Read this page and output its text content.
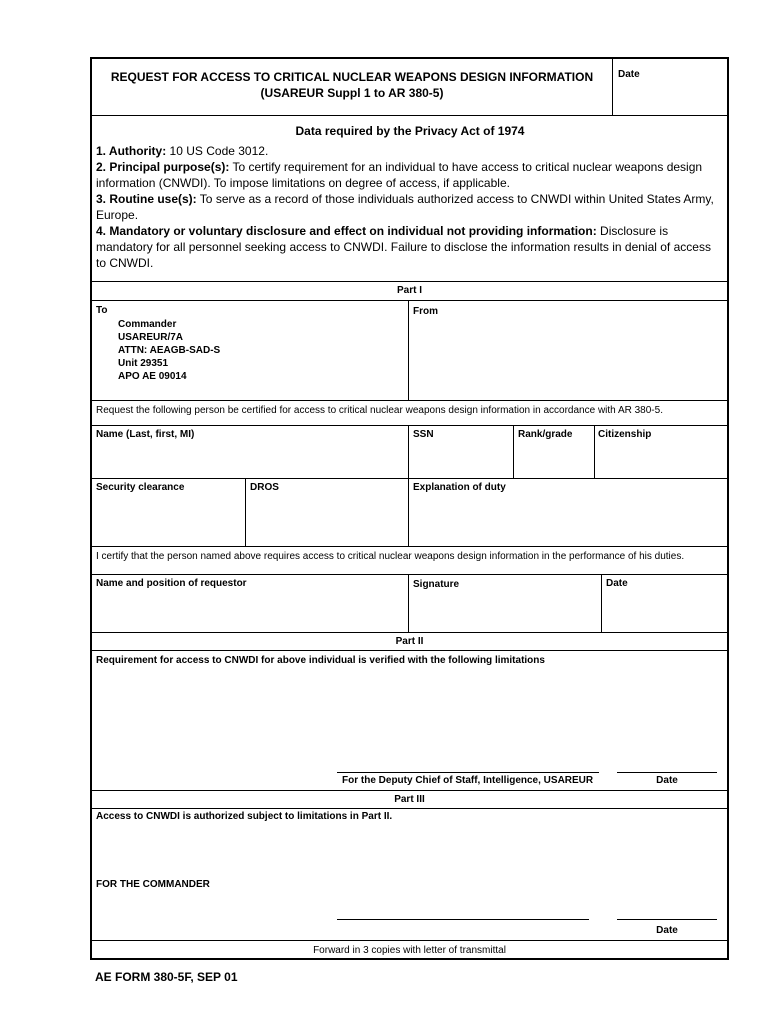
REQUEST FOR ACCESS TO CRITICAL NUCLEAR WEAPONS DESIGN INFORMATION
(USAREUR Suppl 1 to AR 380-5)
Date
Data required by the Privacy Act of 1974
1. Authority: 10 US Code 3012.
2. Principal purpose(s): To certify requirement for an individual to have access to critical nuclear weapons design information (CNWDI). To impose limitations on degree of access, if applicable.
3. Routine use(s): To serve as a record of those individuals authorized access to CNWDI within United States Army, Europe.
4. Mandatory or voluntary disclosure and effect on individual not providing information: Disclosure is mandatory for all personnel seeking access to CNWDI. Failure to disclose the information results in denial of access to CNWDI.
Part I
To
Commander
USAREUR/7A
ATTN: AEAGB-SAD-S
Unit 29351
APO AE 09014
From
Request the following person be certified for access to critical nuclear weapons design information in accordance with AR 380-5.
Name (Last, first, MI)	SSN	Rank/grade	Citizenship
Security clearance	DROS	Explanation of duty
I certify that the person named above requires access to critical nuclear weapons design information in the performance of his duties.
Name and position of requestor	Signature	Date
Part II
Requirement for access to CNWDI for above individual is verified with the following limitations
For the Deputy Chief of Staff, Intelligence, USAREUR	Date
Part III
Access to CNWDI is authorized subject to limitations in Part II.
FOR THE COMMANDER
Date
Forward in 3 copies with letter of transmittal
AE FORM 380-5F, SEP 01
